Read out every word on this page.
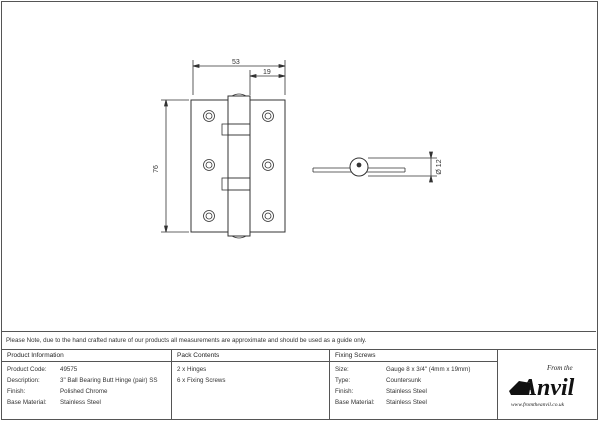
53
19
76	Ø 12
Please Note, due to the hand crafted nature of our products all measurements are approximate and should be used as a guide only.
Product Information
Product Code: 49575
Description:	3" Ball Bearing Butt Hinge (pair) SS
Finish:	Polished Chrome
Base Material: Stainless Steel
Pack Contents
2 x Hinges
6 x Fixing Screws
Fixing Screws
Size:	Gauge 8 x 3/4" (4mm x 19mm)
Type:	Countersunk
Finish:	Stainless Steel
Base Material: Stainless Steel
From the
Anvil
www.fromtheanvil.co.uk
